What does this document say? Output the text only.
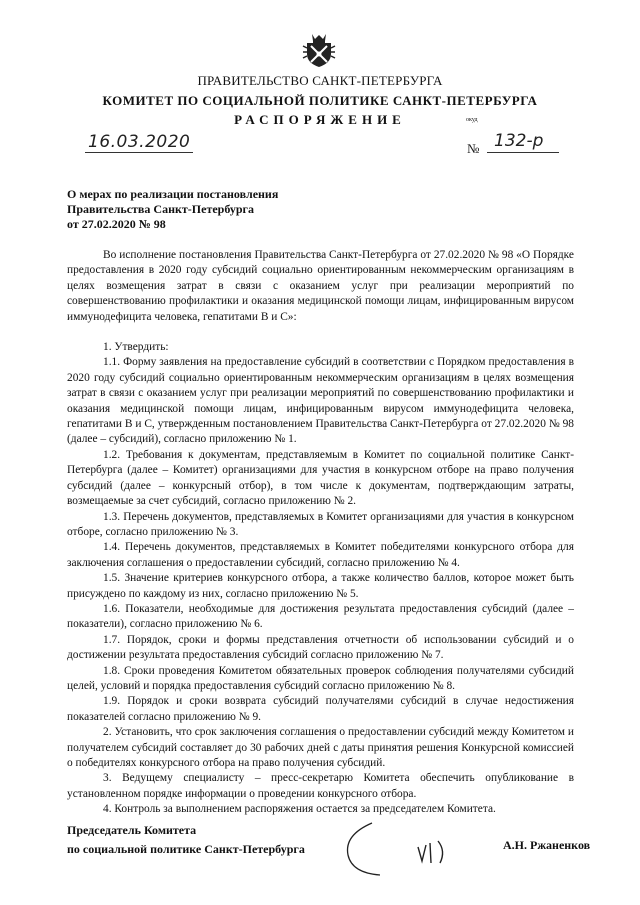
ПРАВИТЕЛЬСТВО САНКТ-ПЕТЕРБУРГА
КОМИТЕТ ПО СОЦИАЛЬНОЙ ПОЛИТИКЕ САНКТ-ПЕТЕРБУРГА
РАСПОРЯЖЕНИЕ	окуд
16.03.2020	№ 132-р
О мерах по реализации постановления
Правительства Санкт-Петербурга
от 27.02.2020 № 98

Во исполнение постановления Правительства Санкт-Петербурга от 27.02.2020 № 98 «О Порядке предоставления в 2020 году субсидий социально ориентированным некоммерческим организациям в целях возмещения затрат в связи с оказанием услуг при реализации мероприятий по совершенствованию профилактики и оказания медицинской помощи лицам, инфицированным вирусом иммунодефицита человека, гепатитами В и С»:

1. Утвердить:

1.1. Форму заявления на предоставление субсидий в соответствии с Порядком предоставления в 2020 году субсидий социально ориентированным некоммерческим организациям в целях возмещения затрат в связи с оказанием услуг при реализации мероприятий по совершенствованию профилактики и оказания медицинской помощи лицам, инфицированным вирусом иммунодефицита человека, гепатитами В и С, утвержденным постановлением Правительства Санкт-Петербурга от 27.02.2020 № 98 (далее – субсидий), согласно приложению № 1.

1.2. Требования к документам, представляемым в Комитет по социальной политике Санкт-Петербурга (далее – Комитет) организациями для участия в конкурсном отборе на право получения субсидий (далее – конкурсный отбор), в том числе к документам, подтверждающим затраты, возмещаемые за счет субсидий, согласно приложению № 2.

1.3. Перечень документов, представляемых в Комитет организациями для участия в конкурсном отборе, согласно приложению № 3.

1.4. Перечень документов, представляемых в Комитет победителями конкурсного отбора для заключения соглашения о предоставлении субсидий, согласно приложению № 4.

1.5. Значение критериев конкурсного отбора, а также количество баллов, которое может быть присуждено по каждому из них, согласно приложению № 5.

1.6. Показатели, необходимые для достижения результата предоставления субсидий (далее – показатели), согласно приложению № 6.

1.7. Порядок, сроки и формы представления отчетности об использовании субсидий и о достижении результата предоставления субсидий согласно приложению № 7.

1.8. Сроки проведения Комитетом обязательных проверок соблюдения получателями субсидий целей, условий и порядка предоставления субсидий согласно приложению № 8.

1.9. Порядок и сроки возврата субсидий получателями субсидий в случае недостижения показателей согласно приложению № 9.

2. Установить, что срок заключения соглашения о предоставлении субсидий между Комитетом и получателем субсидий составляет до 30 рабочих дней с даты принятия решения Конкурсной комиссией о победителях конкурсного отбора на право получения субсидий.

3. Ведущему специалисту – пресс-секретарю Комитета обеспечить опубликование в установленном порядке информации о проведении конкурсного отбора.

4. Контроль за выполнением распоряжения остается за председателем Комитета.

Председатель Комитета
по социальной политике Санкт-Петербурга	А.Н. Ржаненков
